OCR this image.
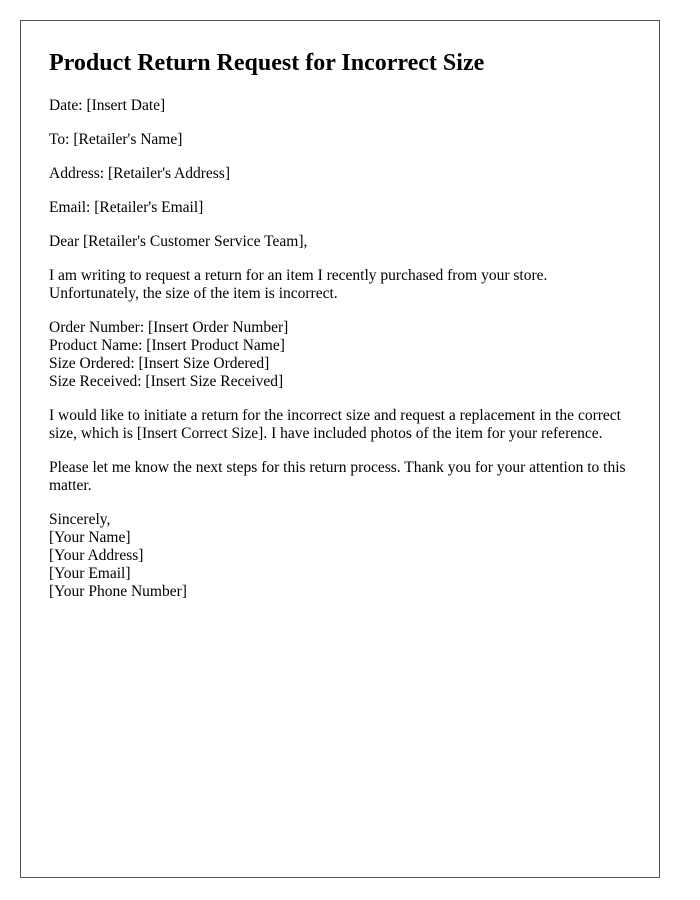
Product Return Request for Incorrect Size

Date: [Insert Date]

To: [Retailer's Name]

Address: [Retailer's Address]

Email: [Retailer's Email]

Dear [Retailer's Customer Service Team],

I am writing to request a return for an item I recently purchased from your store. Unfortunately, the size of the item is incorrect.

Order Number: [Insert Order Number]
Product Name: [Insert Product Name]
Size Ordered: [Insert Size Ordered]
Size Received: [Insert Size Received]

I would like to initiate a return for the incorrect size and request a replacement in the correct size, which is [Insert Correct Size]. I have included photos of the item for your reference.

Please let me know the next steps for this return process. Thank you for your attention to this matter.

Sincerely,
[Your Name]
[Your Address]
[Your Email]
[Your Phone Number]
